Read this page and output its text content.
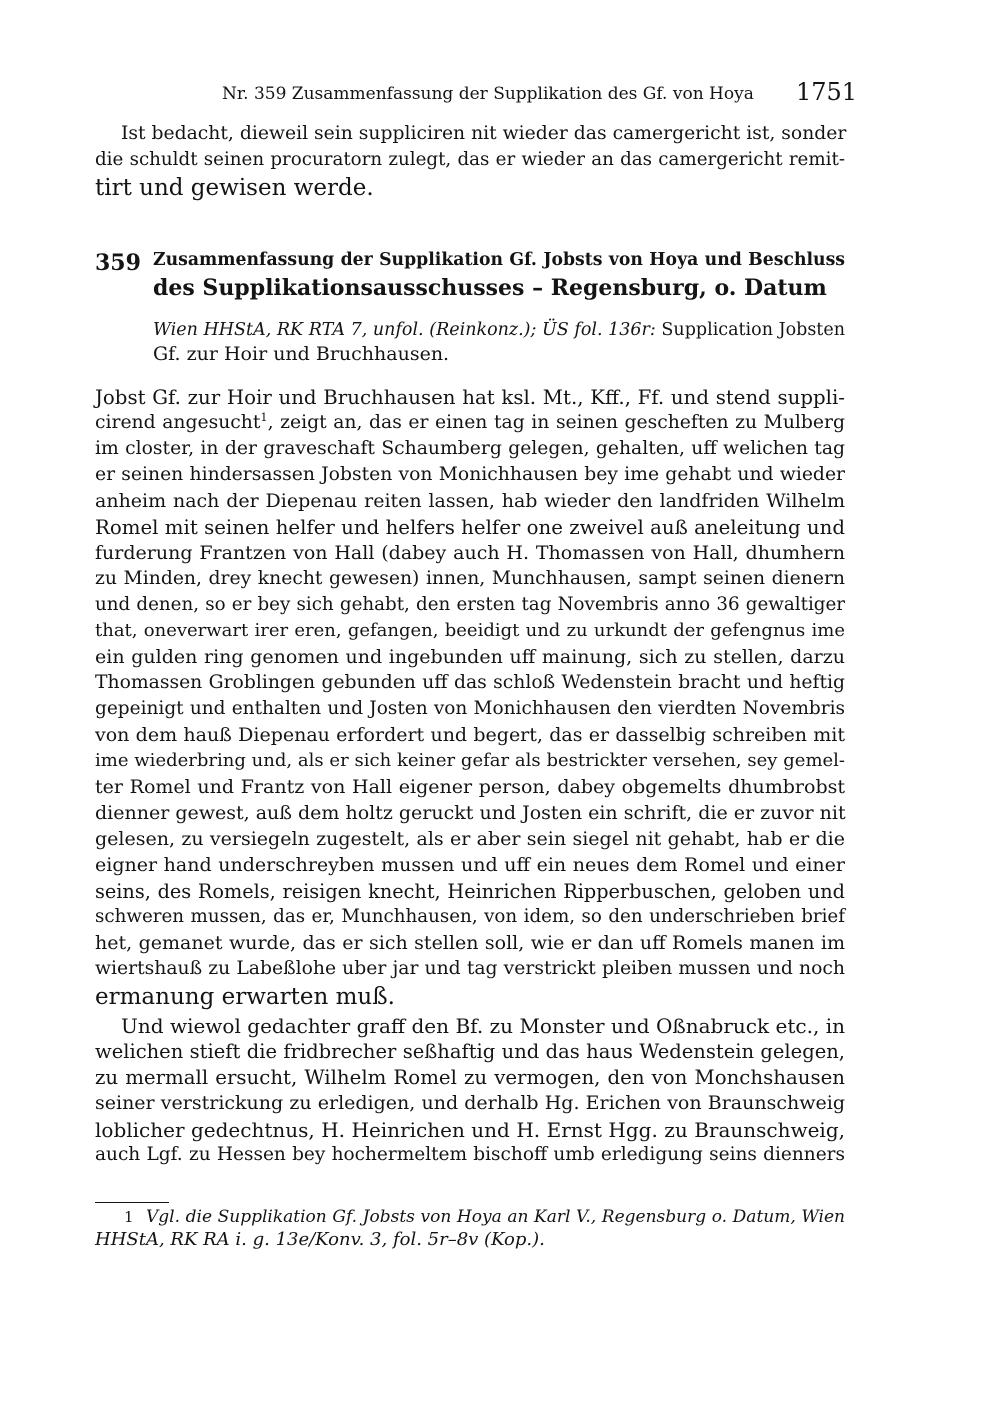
Nr. 359 Zusammenfassung der Supplikation des Gf. von Hoya 1751

Ist bedacht, dieweil sein suppliciren nit wieder das camergericht ist, sonder

die schuldt seinen procuratorn zulegt, das er wieder an das camergericht remit-

tirt und gewisen werde.

359 Zusammenfassung der Supplikation Gf. Jobsts von Hoya und Beschluss

des Supplikationsausschusses – Regensburg, o. Datum

Wien HHStA, RK RTA 7, unfol. (Reinkonz.); ÜS fol. 136r: Supplication Jobsten

Gf. zur Hoir und Bruchhausen.

Jobst Gf. zur Hoir und Bruchhausen hat ksl. Mt., Kff., Ff. und stend suppli-

cirend angesucht$^1$, zeigt an, das er einen tag in seinen gescheften zu Mulberg

im closter, in der graveschaft Schaumberg gelegen, gehalten, uff welichen tag

er seinen hindersassen Jobsten von Monichhausen bey ime gehabt und wieder

anheim nach der Diepenau reiten lassen, hab wieder den landfriden Wilhelm

Romel mit seinen helfer und helfers helfer one zweivel auß aneleitung und

furderung Frantzen von Hall (dabey auch H. Thomassen von Hall, dhumhern

zu Minden, drey knecht gewesen) innen, Munchhausen, sampt seinen dienern

und denen, so er bey sich gehabt, den ersten tag Novembris anno 36 gewaltiger

that, oneverwart irer eren, gefangen, beeidigt und zu urkundt der gefengnus ime

ein gulden ring genomen und ingebunden uff mainung, sich zu stellen, darzu

Thomassen Groblingen gebunden uff das schloß Wedenstein bracht und heftig

gepeinigt und enthalten und Josten von Monichhausen den vierdten Novembris

von dem hauß Diepenau erfordert und begert, das er dasselbig schreiben mit

ime wiederbring und, als er sich keiner gefar als bestrickter versehen, sey gemel-

ter Romel und Frantz von Hall eigener person, dabey obgemelts dhumbrobst

dienner gewest, auß dem holtz geruckt und Josten ein schrift, die er zuvor nit

gelesen, zu versiegeln zugestelt, als er aber sein siegel nit gehabt, hab er die

eigner hand underschreyben mussen und uff ein neues dem Romel und einer

seins, des Romels, reisigen knecht, Heinrichen Ripperbuschen, geloben und

schweren mussen, das er, Munchhausen, von idem, so den underschrieben brief

het, gemanet wurde, das er sich stellen soll, wie er dan uff Romels manen im

wiertshauß zu Labeßlohe uber jar und tag verstrickt pleiben mussen und noch

ermanung erwarten muß.

Und wiewol gedachter graff den Bf. zu Monster und Oßnabruck etc., in

welichen stieft die fridbrecher seßhaftig und das haus Wedenstein gelegen,

zu mermall ersucht, Wilhelm Romel zu vermogen, den von Monchshausen

seiner verstrickung zu erledigen, und derhalb Hg. Erichen von Braunschweig

loblicher gedechtnus, H. Heinrichen und H. Ernst Hgg. zu Braunschweig,

auch Lgf. zu Hessen bey hochermeltem bischoff umb erledigung seins dienners

1 Vgl. die Supplikation Gf. Jobsts von Hoya an Karl V., Regensburg o. Datum, Wien

HHStA, RK RA i. g. 13e/Konv. 3, fol. 5r–8v (Kop.).
